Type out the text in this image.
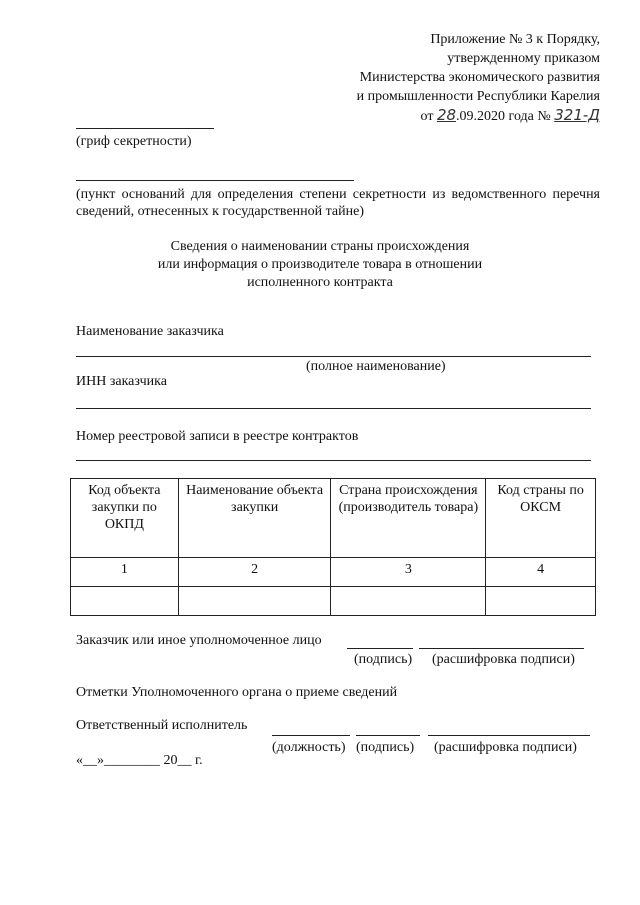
Приложение № 3 к Порядку,
утвержденному приказом
Министерства экономического развития
и промышленности Республики Карелия
от 28.09.2020 года № 321-Д
(гриф секретности)
(пункт оснований для определения степени секретности из ведомственного перечня сведений, отнесенных к государственной тайне)
Сведения о наименовании страны происхождения
или информация о производителе товара в отношении
исполненного контракта
Наименование заказчика
(полное наименование)
ИНН заказчика
Номер реестровой записи в реестре контрактов
Код объекта закупки по ОКПД	Наименование объекта закупки	Страна происхождения (производитель товара)	Код страны по ОКСМ
1	2	3	4

Заказчик или иное уполномоченное лицо
(подпись) (расшифровка подписи)
Отметки Уполномоченного органа о приеме сведений
Ответственный исполнитель
(должность) (подпись) (расшифровка подписи)
«__»________ 20__ г.
